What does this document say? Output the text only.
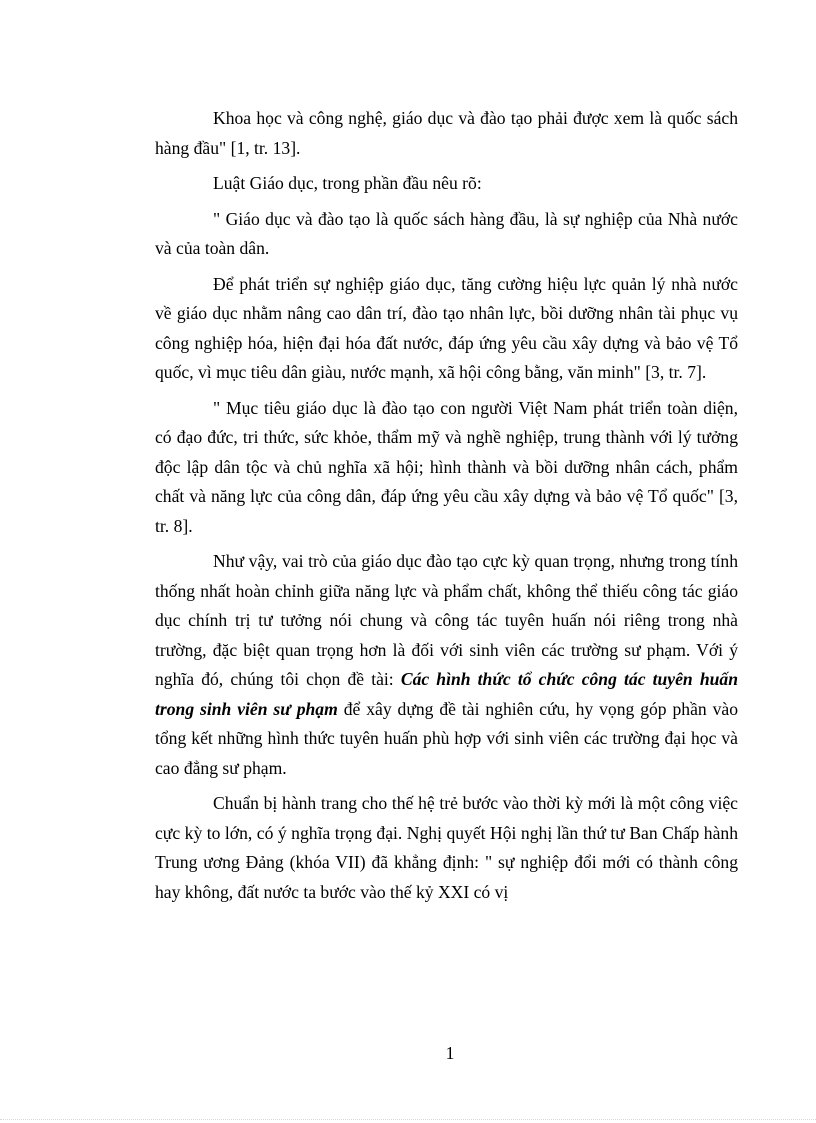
Khoa học và công nghệ, giáo dục và đào tạo phải được xem là quốc sách hàng đầu" [1, tr. 13].

Luật Giáo dục, trong phần đầu nêu rõ:

" Giáo dục và đào tạo là quốc sách hàng đầu, là sự nghiệp của Nhà nước và của toàn dân.

Để phát triển sự nghiệp giáo dục, tăng cường hiệu lực quản lý nhà nước về giáo dục nhằm nâng cao dân trí, đào tạo nhân lực, bồi dưỡng nhân tài phục vụ công nghiệp hóa, hiện đại hóa đất nước, đáp ứng yêu cầu xây dựng và bảo vệ Tổ quốc, vì mục tiêu dân giàu, nước mạnh, xã hội công bằng, văn minh" [3, tr. 7].

" Mục tiêu giáo dục là đào tạo con người Việt Nam phát triển toàn diện, có đạo đức, tri thức, sức khỏe, thẩm mỹ và nghề nghiệp, trung thành với lý tưởng độc lập dân tộc và chủ nghĩa xã hội; hình thành và bồi dưỡng nhân cách, phẩm chất và năng lực của công dân, đáp ứng yêu cầu xây dựng và bảo vệ Tổ quốc" [3, tr. 8].

Như vậy, vai trò của giáo dục đào tạo cực kỳ quan trọng, nhưng trong tính thống nhất hoàn chỉnh giữa năng lực và phẩm chất, không thể thiếu công tác giáo dục chính trị tư tưởng nói chung và công tác tuyên huấn nói riêng trong nhà trường, đặc biệt quan trọng hơn là đối với sinh viên các trường sư phạm. Với ý nghĩa đó, chúng tôi chọn đề tài: Các hình thức tổ chức công tác tuyên huấn trong sinh viên sư phạm để xây dựng đề tài nghiên cứu, hy vọng góp phần vào tổng kết những hình thức tuyên huấn phù hợp với sinh viên các trường đại học và cao đẳng sư phạm.

Chuẩn bị hành trang cho thế hệ trẻ bước vào thời kỳ mới là một công việc cực kỳ to lớn, có ý nghĩa trọng đại. Nghị quyết Hội nghị lần thứ tư Ban Chấp hành Trung ương Đảng (khóa VII) đã khẳng định: " sự nghiệp đổi mới có thành công hay không, đất nước ta bước vào thế kỷ XXI có vị

1
